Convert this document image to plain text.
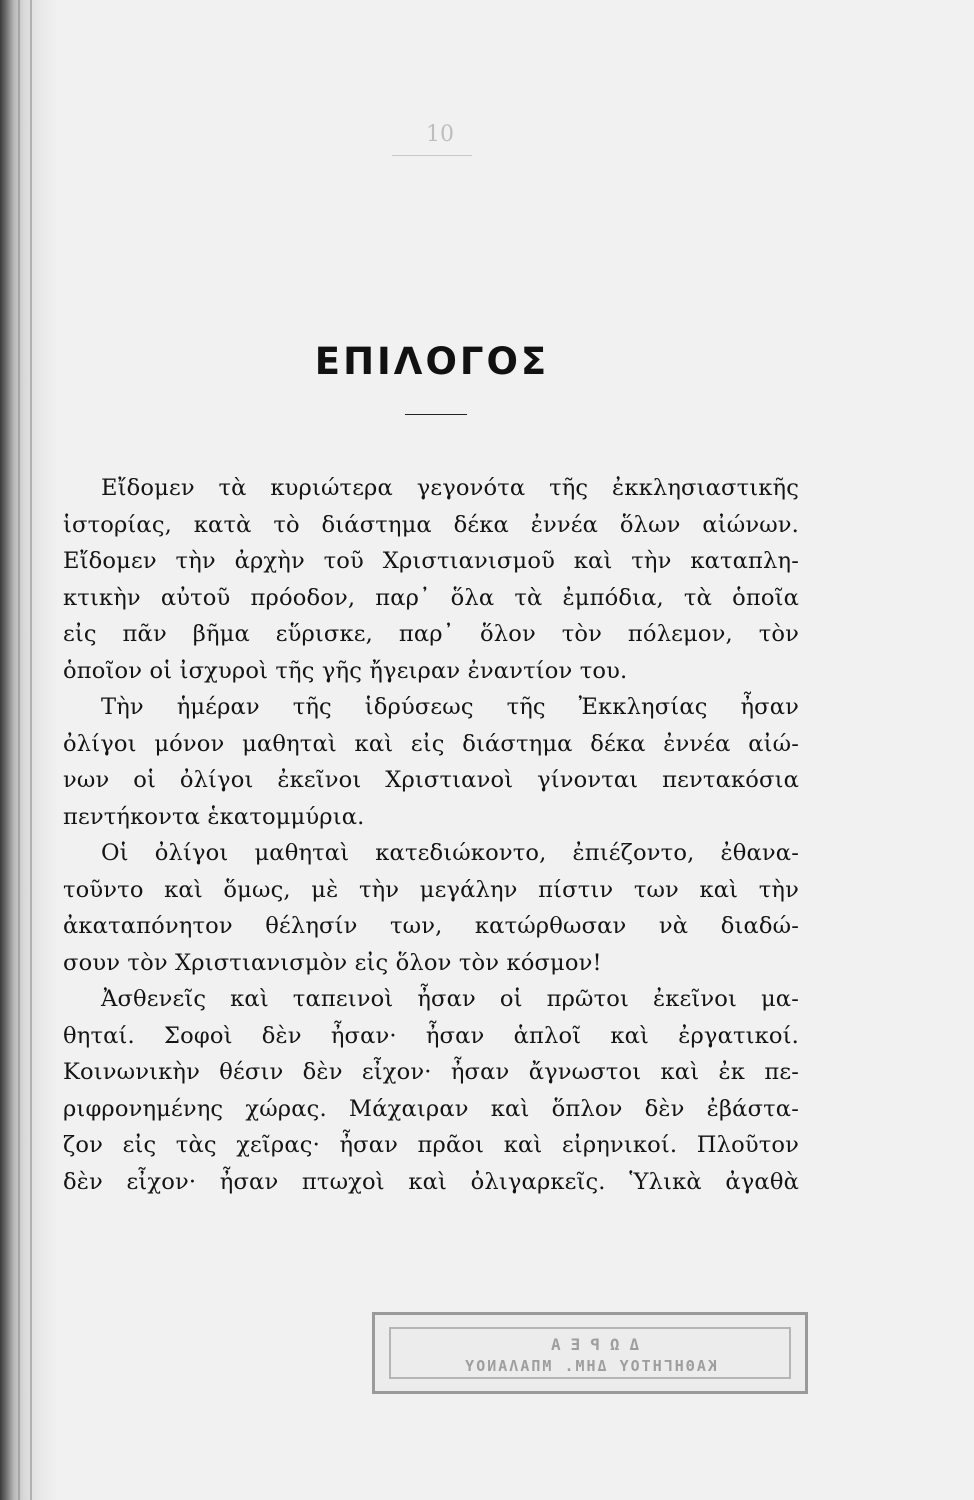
10
ΕΠΙΛΟΓΟΣ
Εἴδομεν τὰ κυριώτερα γεγονότα τῆς ἐκκλησιαστικῆς
ἱστορίας, κατὰ τὸ διάστημα δέκα ἐννέα ὅλων αἰώνων.
Εἴδομεν τὴν ἀρχὴν τοῦ Χριστιανισμοῦ καὶ τὴν καταπλη-
κτικὴν αὐτοῦ πρόοδον, παρ᾽ ὅλα τὰ ἐμπόδια, τὰ ὁποῖα
εἰς πᾶν βῆμα εὕρισκε, παρ᾽ ὅλον τὸν πόλεμον, τὸν
ὁποῖον οἱ ἰσχυροὶ τῆς γῆς ἤγειραν ἐναντίον του.
Τὴν ἡμέραν τῆς ἱδρύσεως τῆς Ἐκκλησίας ἦσαν
ὀλίγοι μόνον μαθηταὶ καὶ εἰς διάστημα δέκα ἐννέα αἰώ-
νων οἱ ὀλίγοι ἐκεῖνοι Χριστιανοὶ γίνονται πεντακόσια
πεντήκοντα ἑκατομμύρια.
Οἱ ὀλίγοι μαθηταὶ κατεδιώκοντο, ἐπιέζοντο, ἐθανα-
τοῦντο καὶ ὅμως, μὲ τὴν μεγάλην πίστιν των καὶ τὴν
ἀκαταπόνητον θέλησίν των, κατώρθωσαν νὰ διαδώ-
σουν τὸν Χριστιανισμὸν εἰς ὅλον τὸν κόσμον!
Ἀσθενεῖς καὶ ταπεινοὶ ἦσαν οἱ πρῶτοι ἐκεῖνοι μα-
θηταί. Σοφοὶ δὲν ἦσαν· ἦσαν ἁπλοῖ καὶ ἐργατικοί.
Κοινωνικὴν θέσιν δὲν εἶχον· ἦσαν ἄγνωστοι καὶ ἐκ πε-
ριφρονημένης χώρας. Μάχαιραν καὶ ὅπλον δὲν ἐβάστα-
ζον εἰς τὰς χεῖρας· ἦσαν πρᾶοι καὶ εἰρηνικοί. Πλοῦτον
δὲν εἶχον· ἦσαν πτωχοὶ καὶ ὀλιγαρκεῖς. Ὑλικὰ ἀγαθὰ
ΔΩΡΕΑ
ΚΑΘΗΓΗΤΟΥ ΔΗΜ. ΜΠΑΛΑΝΟΥ
